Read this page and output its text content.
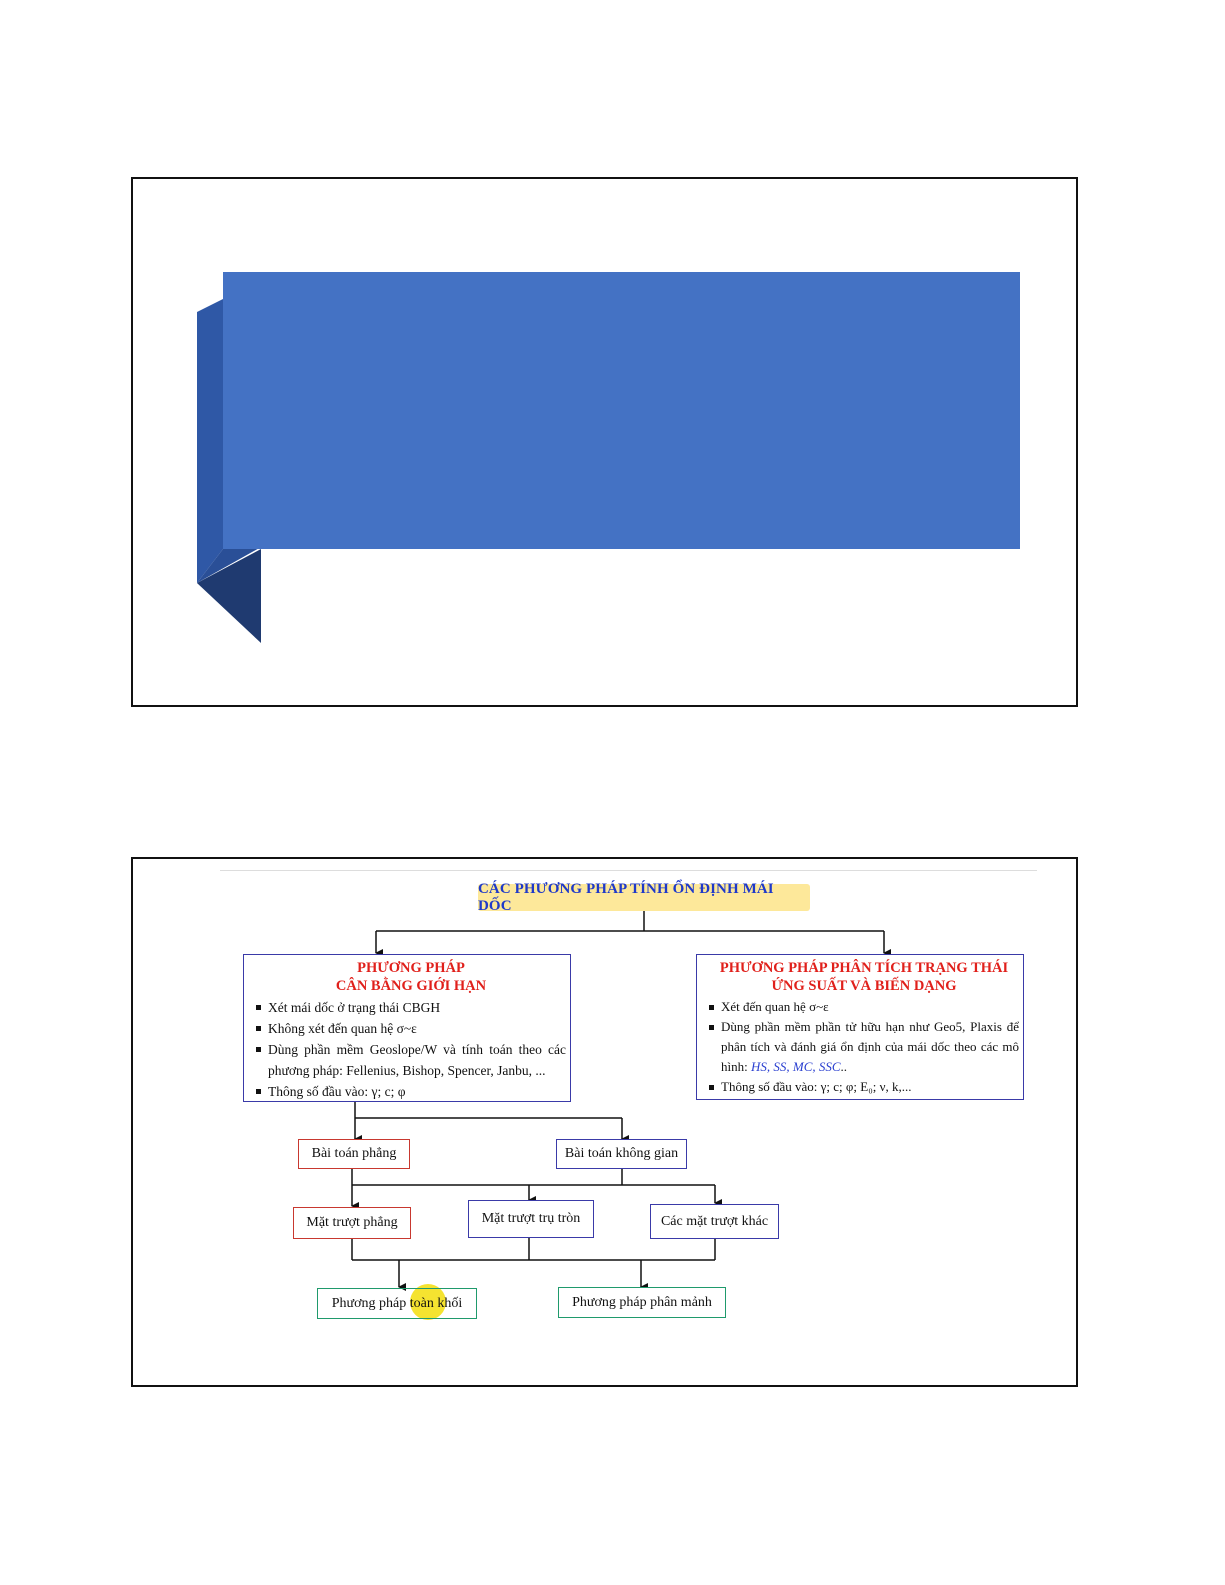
CÁC PHƯƠNG PHÁP TÍNH ỔN ĐỊNH MÁI DỐC
PHƯƠNG PHÁP
CÂN BẰNG GIỚI HẠN
Xét mái dốc ở trạng thái CBGH
Không xét đến quan hệ σ~ε
Dùng phần mềm Geoslope/W và tính toán theo các phương pháp: Fellenius, Bishop, Spencer, Janbu, ...
Thông số đầu vào: γ; c; φ
PHƯƠNG PHÁP PHÂN TÍCH TRẠNG THÁI
ỨNG SUẤT VÀ BIẾN DẠNG
Xét đến quan hệ σ~ε
Dùng phần mềm phần tử hữu hạn như Geo5, Plaxis để phân tích và đánh giá ổn định của mái dốc theo các mô hình: HS, SS, MC, SSC..
Thông số đầu vào: γ; c; φ; E₀; ν, k,...
Bài toán phẳng	Bài toán không gian
Mặt trượt phẳng	Mặt trượt trụ tròn	Các mặt trượt khác
Phương pháp toàn khối	Phương pháp phân mảnh
